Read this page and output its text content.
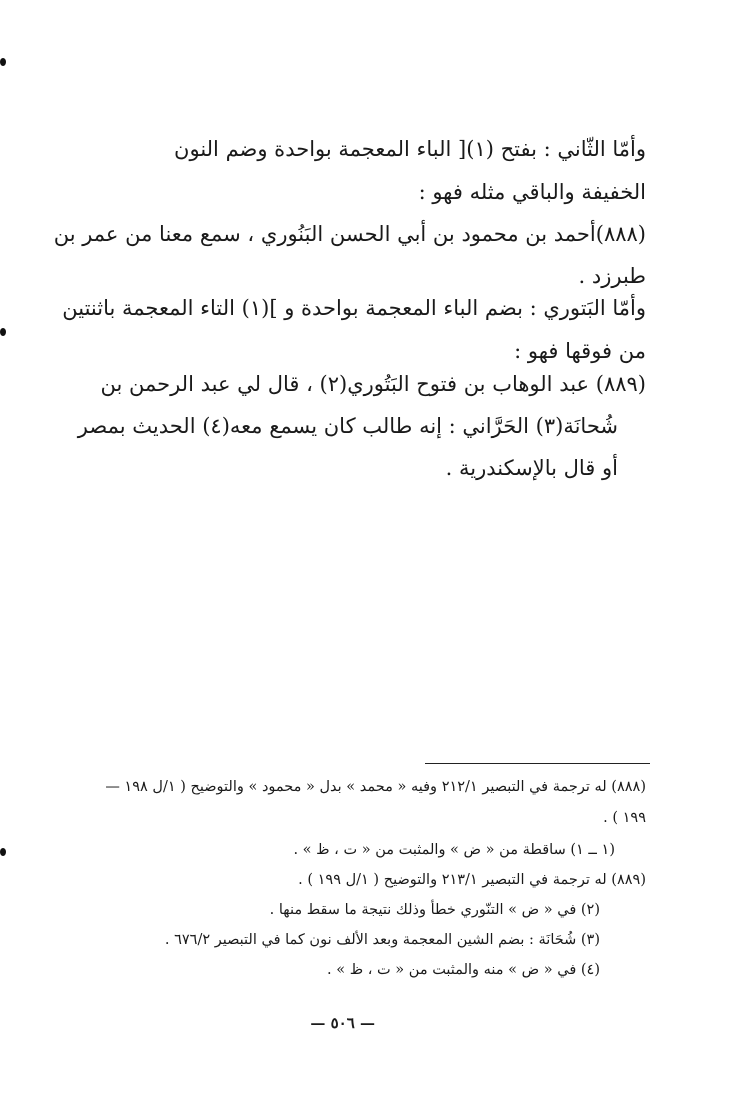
وأمّا الثّاني : بفتح (١)[ الباء المعجمة بواحدة وضم النون
الخفيفة والباقي مثله فهو :
(٨٨٨)أحمد بن محمود بن أبي الحسن البَنُوري ، سمع معنا من عمر بن
طبرزد .
وأمّا البَتوري : بضم الباء المعجمة بواحدة و ](١) التاء المعجمة باثنتين
من فوقها فهو :
(٨٨٩) عبد الوهاب بن فتوح البَتُوري(٢) ، قال لي عبد الرحمن بن
شُحانَة(٣) الحَرَّاني : إنه طالب كان يسمع معه(٤) الحديث بمصر
أو قال بالإسكندرية .
(٨٨٨) له ترجمة في التبصير ٢١٢/١ وفيه « محمد » بدل « محمود » والتوضيح ( ١/ل ١٩٨ —
. ( ١٩٩
(١ ــ ١) ساقطة من « ض » والمثبت من « ت ، ظ » .
(٨٨٩) له ترجمة في التبصير ٢١٣/١ والتوضيح ( ١/ل ١٩٩ ) .
(٢) في « ض » التنّوري خطأ وذلك نتيجة ما سقط منها .
(٣) شُحَانَة : بضم الشين المعجمة وبعد الألف نون كما في التبصير ٦٧٦/٢ .
(٤) في « ض » منه والمثبت من « ت ، ظ » .
— ٥٠٦ —
